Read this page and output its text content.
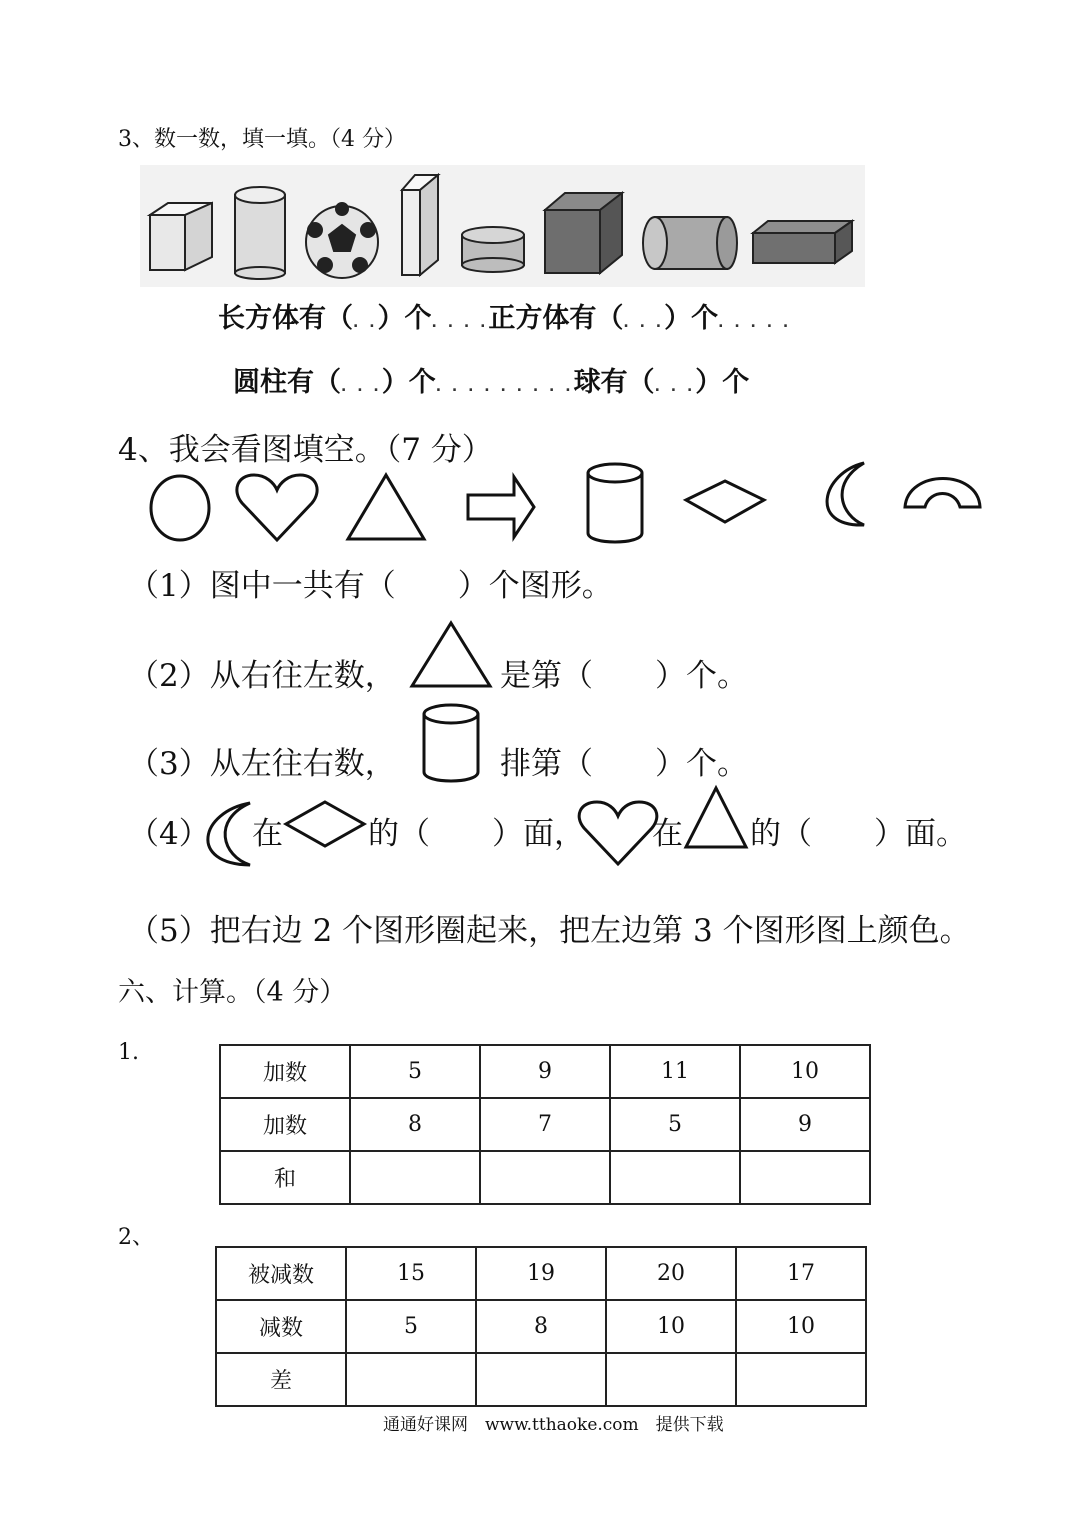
3、数一数，填一填。（4 分）
长方体有（. .）个. . . .正方体有（. . .）个. . . . .
圆柱有（. . .）个. . . . . . . . .球有（. . .）个
4、我会看图填空。（7 分）
（1）图中一共有（　　）个图形。
（2）从右往左数，	是第（　　）个。
（3）从左往右数，	排第（　　）个。
（4） 在	的（　　）面， 在 的（　　）面。
（5）把右边 2 个图形圈起来，把左边第 3 个图形图上颜色。
六、计算。（4 分）
1.
加数	5	9	11	10
加数	8	7	5	9
和				
2、
被减数	15	19	20	17
减数	5	8	10	10
差				
通通好课网　www.tthaoke.com　提供下载
